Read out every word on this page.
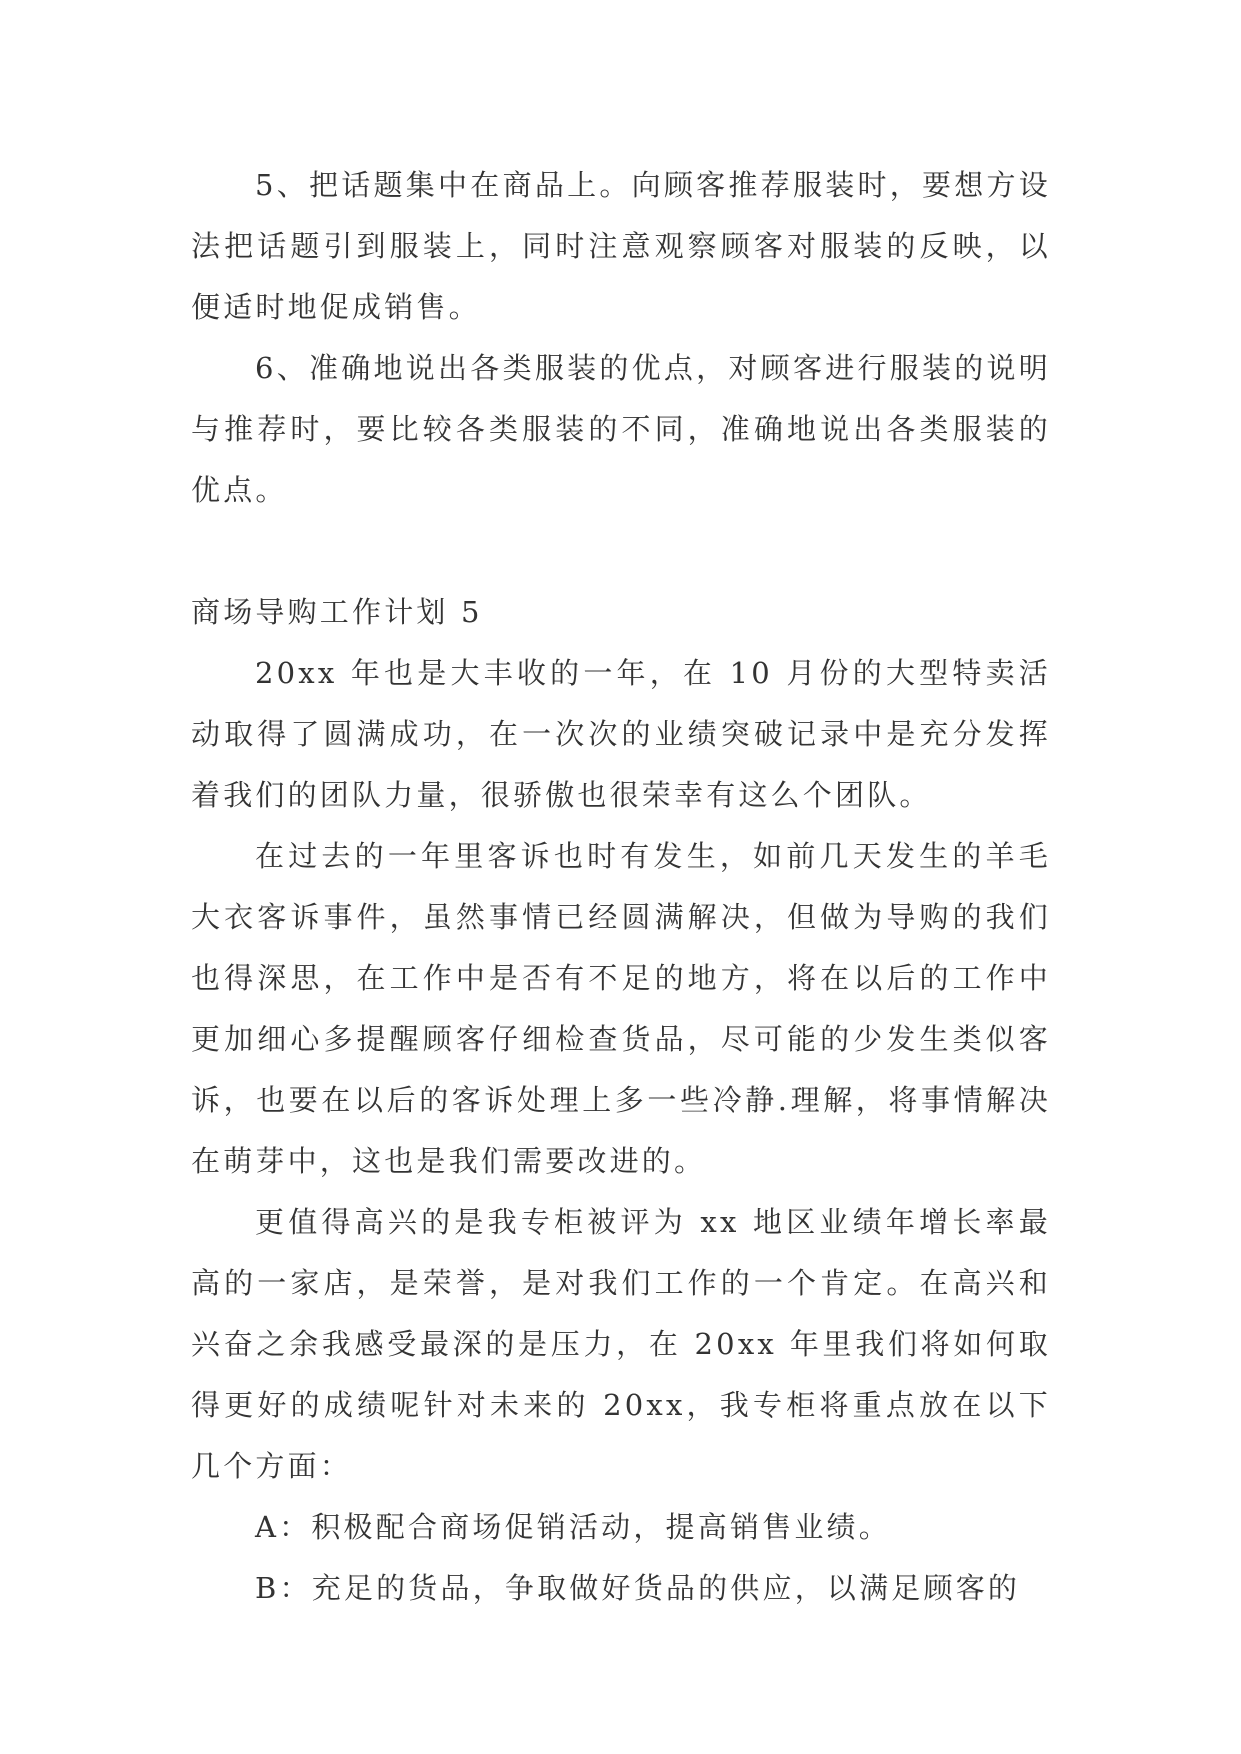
5、把话题集中在商品上。向顾客推荐服装时，要想方设法把话题引到服装上，同时注意观察顾客对服装的反映，以便适时地促成销售。

6、准确地说出各类服装的优点，对顾客进行服装的说明与推荐时，要比较各类服装的不同，准确地说出各类服装的优点。

商场导购工作计划 5

20xx 年也是大丰收的一年，在 10 月份的大型特卖活动取得了圆满成功，在一次次的业绩突破记录中是充分发挥着我们的团队力量，很骄傲也很荣幸有这么个团队。

在过去的一年里客诉也时有发生，如前几天发生的羊毛大衣客诉事件，虽然事情已经圆满解决，但做为导购的我们也得深思，在工作中是否有不足的地方，将在以后的工作中更加细心多提醒顾客仔细检查货品，尽可能的少发生类似客诉，也要在以后的客诉处理上多一些冷静.理解，将事情解决在萌芽中，这也是我们需要改进的。

更值得高兴的是我专柜被评为 xx 地区业绩年增长率最高的一家店，是荣誉，是对我们工作的一个肯定。在高兴和兴奋之余我感受最深的是压力，在 20xx 年里我们将如何取得更好的成绩呢针对未来的 20xx，我专柜将重点放在以下几个方面：

A：积极配合商场促销活动，提高销售业绩。

B：充足的货品，争取做好货品的供应，以满足顾客的
